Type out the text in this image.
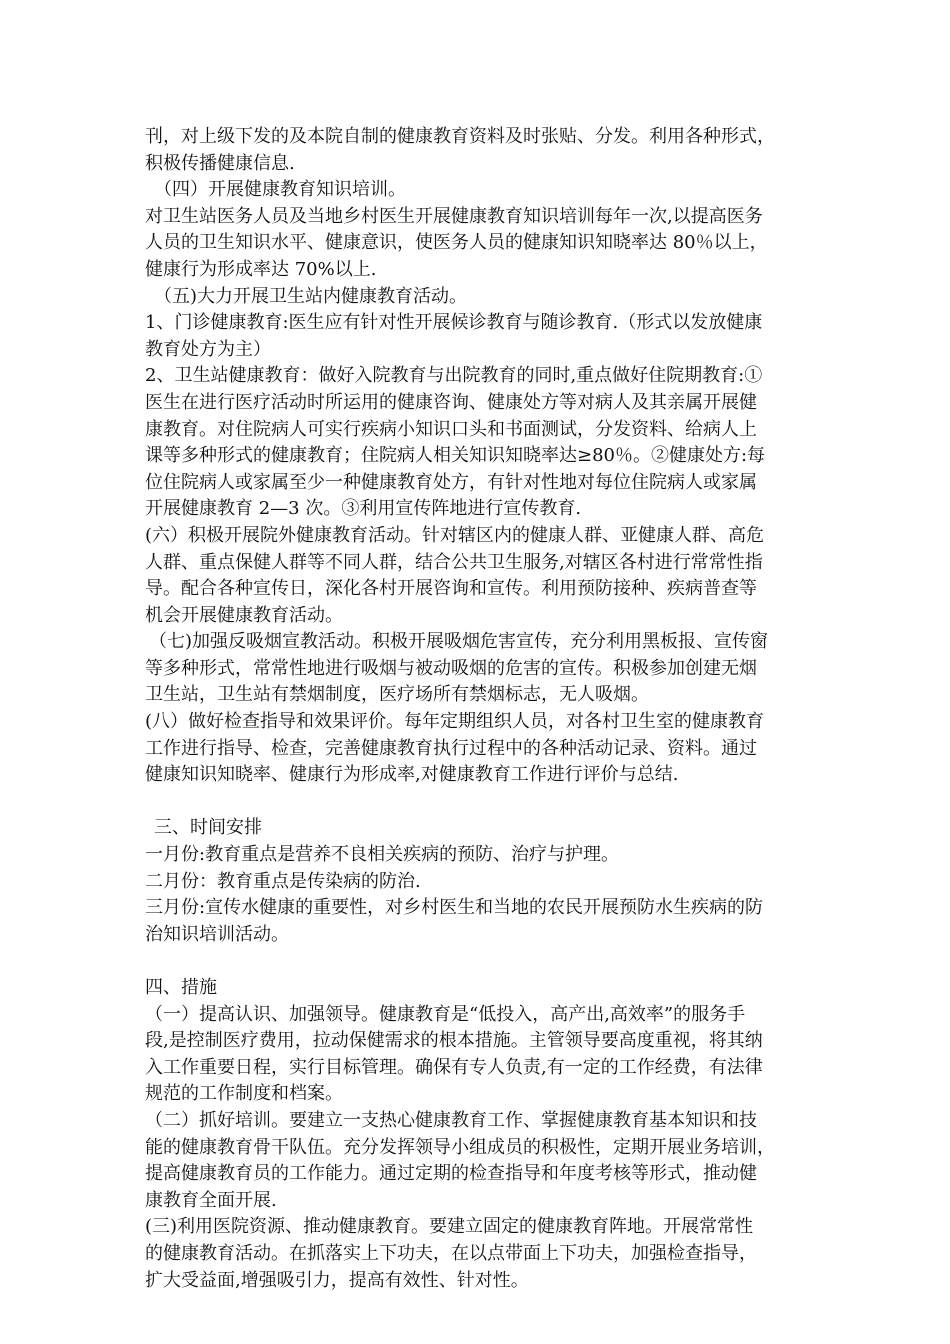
刊，对上级下发的及本院自制的健康教育资料及时张贴、分发。利用各种形式，
积极传播健康信息.
（四）开展健康教育知识培训。
对卫生站医务人员及当地乡村医生开展健康教育知识培训每年一次,以提高医务
人员的卫生知识水平、健康意识，使医务人员的健康知识知晓率达 80％以上，
健康行为形成率达 70%以上.
（五)大力开展卫生站内健康教育活动。
1、门诊健康教育:医生应有针对性开展候诊教育与随诊教育.（形式以发放健康
教育处方为主）
2、卫生站健康教育：做好入院教育与出院教育的同时,重点做好住院期教育:①
医生在进行医疗活动时所运用的健康咨询、健康处方等对病人及其亲属开展健
康教育。对住院病人可实行疾病小知识口头和书面测试，分发资料、给病人上
课等多种形式的健康教育；住院病人相关知识知晓率达≥80％。②健康处方:每
位住院病人或家属至少一种健康教育处方，有针对性地对每位住院病人或家属
开展健康教育 2—3 次。③利用宣传阵地进行宣传教育.
(六）积极开展院外健康教育活动。针对辖区内的健康人群、亚健康人群、高危
人群、重点保健人群等不同人群，结合公共卫生服务,对辖区各村进行常常性指
导。配合各种宣传日，深化各村开展咨询和宣传。利用预防接种、疾病普查等
机会开展健康教育活动。
（七)加强反吸烟宣教活动。积极开展吸烟危害宣传，充分利用黑板报、宣传窗
等多种形式，常常性地进行吸烟与被动吸烟的危害的宣传。积极参加创建无烟
卫生站，卫生站有禁烟制度，医疗场所有禁烟标志，无人吸烟。
(八）做好检查指导和效果评价。每年定期组织人员，对各村卫生室的健康教育
工作进行指导、检查，完善健康教育执行过程中的各种活动记录、资料。通过
健康知识知晓率、健康行为形成率,对健康教育工作进行评价与总结.
三、时间安排
一月份:教育重点是营养不良相关疾病的预防、治疗与护理。
二月份：教育重点是传染病的防治.
三月份:宣传水健康的重要性，对乡村医生和当地的农民开展预防水生疾病的防
治知识培训活动。
四、措施
（一）提高认识、加强领导。健康教育是“低投入，高产出,高效率”的服务手
段,是控制医疗费用，拉动保健需求的根本措施。主管领导要高度重视，将其纳
入工作重要日程，实行目标管理。确保有专人负责,有一定的工作经费，有法律
规范的工作制度和档案。
（二）抓好培训。要建立一支热心健康教育工作、掌握健康教育基本知识和技
能的健康教育骨干队伍。充分发挥领导小组成员的积极性，定期开展业务培训，
提高健康教育员的工作能力。通过定期的检查指导和年度考核等形式，推动健
康教育全面开展.
(三)利用医院资源、推动健康教育。要建立固定的健康教育阵地。开展常常性
的健康教育活动。在抓落实上下功夫，在以点带面上下功夫，加强检查指导，
扩大受益面,增强吸引力，提高有效性、针对性。
